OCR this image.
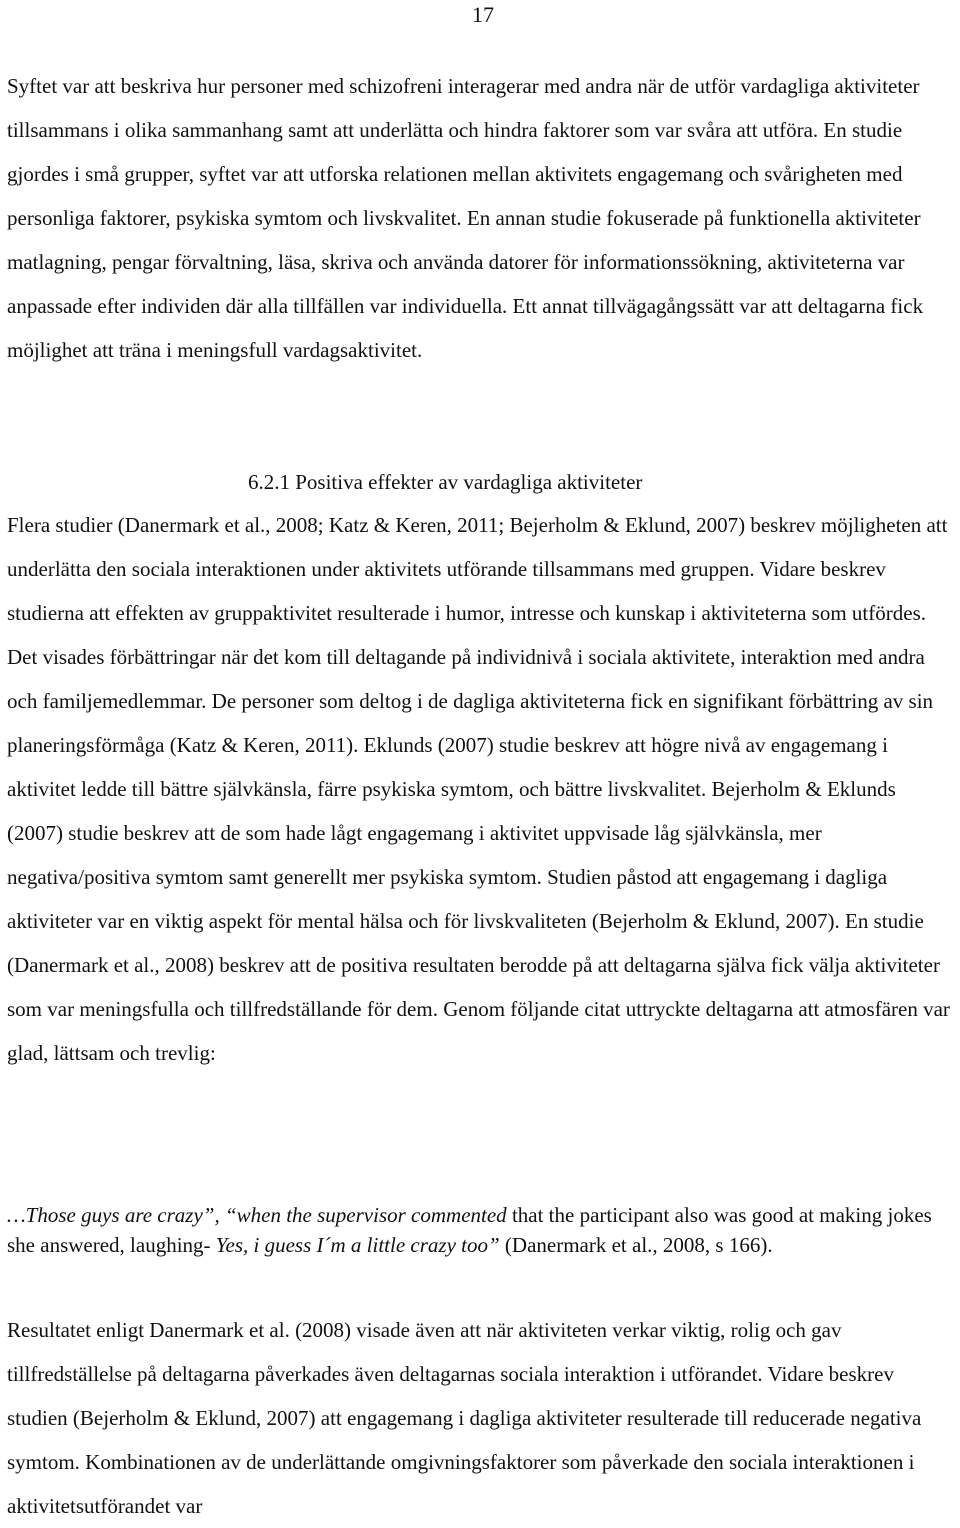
17

Syftet var att beskriva hur personer med schizofreni interagerar med andra när de utför vardagliga aktiviteter tillsammans i olika sammanhang samt att underlätta och hindra faktorer som var svåra att utföra. En studie gjordes i små grupper, syftet var att utforska relationen mellan aktivitets engagemang och svårigheten med personliga faktorer, psykiska symtom och livskvalitet. En annan studie fokuserade på funktionella aktiviteter matlagning, pengar förvaltning, läsa, skriva och använda datorer för informationssökning, aktiviteterna var anpassade efter individen där alla tillfällen var individuella. Ett annat tillvägagångssätt var att deltagarna fick möjlighet att träna i meningsfull vardagsaktivitet.

6.2.1 Positiva effekter av vardagliga aktiviteter

Flera studier (Danermark et al., 2008; Katz & Keren, 2011; Bejerholm & Eklund, 2007) beskrev möjligheten att underlätta den sociala interaktionen under aktivitets utförande tillsammans med gruppen. Vidare beskrev studierna att effekten av gruppaktivitet resulterade i humor, intresse och kunskap i aktiviteterna som utfördes. Det visades förbättringar när det kom till deltagande på individnivå i sociala aktivitete, interaktion med andra och familjemedlemmar. De personer som deltog i de dagliga aktiviteterna fick en signifikant förbättring av sin planeringsförmåga (Katz & Keren, 2011). Eklunds (2007) studie beskrev att högre nivå av engagemang i aktivitet ledde till bättre självkänsla, färre psykiska symtom, och bättre livskvalitet. Bejerholm & Eklunds (2007) studie beskrev att de som hade lågt engagemang i aktivitet uppvisade låg självkänsla, mer negativa/positiva symtom samt generellt mer psykiska symtom. Studien påstod att engagemang i dagliga aktiviteter var en viktig aspekt för mental hälsa och för livskvaliteten (Bejerholm & Eklund, 2007). En studie (Danermark et al., 2008) beskrev att de positiva resultaten berodde på att deltagarna själva fick välja aktiviteter som var meningsfulla och tillfredställande för dem. Genom följande citat uttryckte deltagarna att atmosfären var glad, lättsam och trevlig:

…Those guys are crazy”, “when the supervisor commented that the participant also was good at making jokes she answered, laughing- Yes, i guess I´m a little crazy too” (Danermark et al., 2008, s 166).

Resultatet enligt Danermark et al. (2008) visade även att när aktiviteten verkar viktig, rolig och gav tillfredställelse på deltagarna påverkades även deltagarnas sociala interaktion i utförandet. Vidare beskrev studien (Bejerholm & Eklund, 2007) att engagemang i dagliga aktiviteter resulterade till reducerade negativa symtom. Kombinationen av de underlättande omgivningsfaktorer som påverkade den sociala interaktionen i aktivitetsutförandet var
